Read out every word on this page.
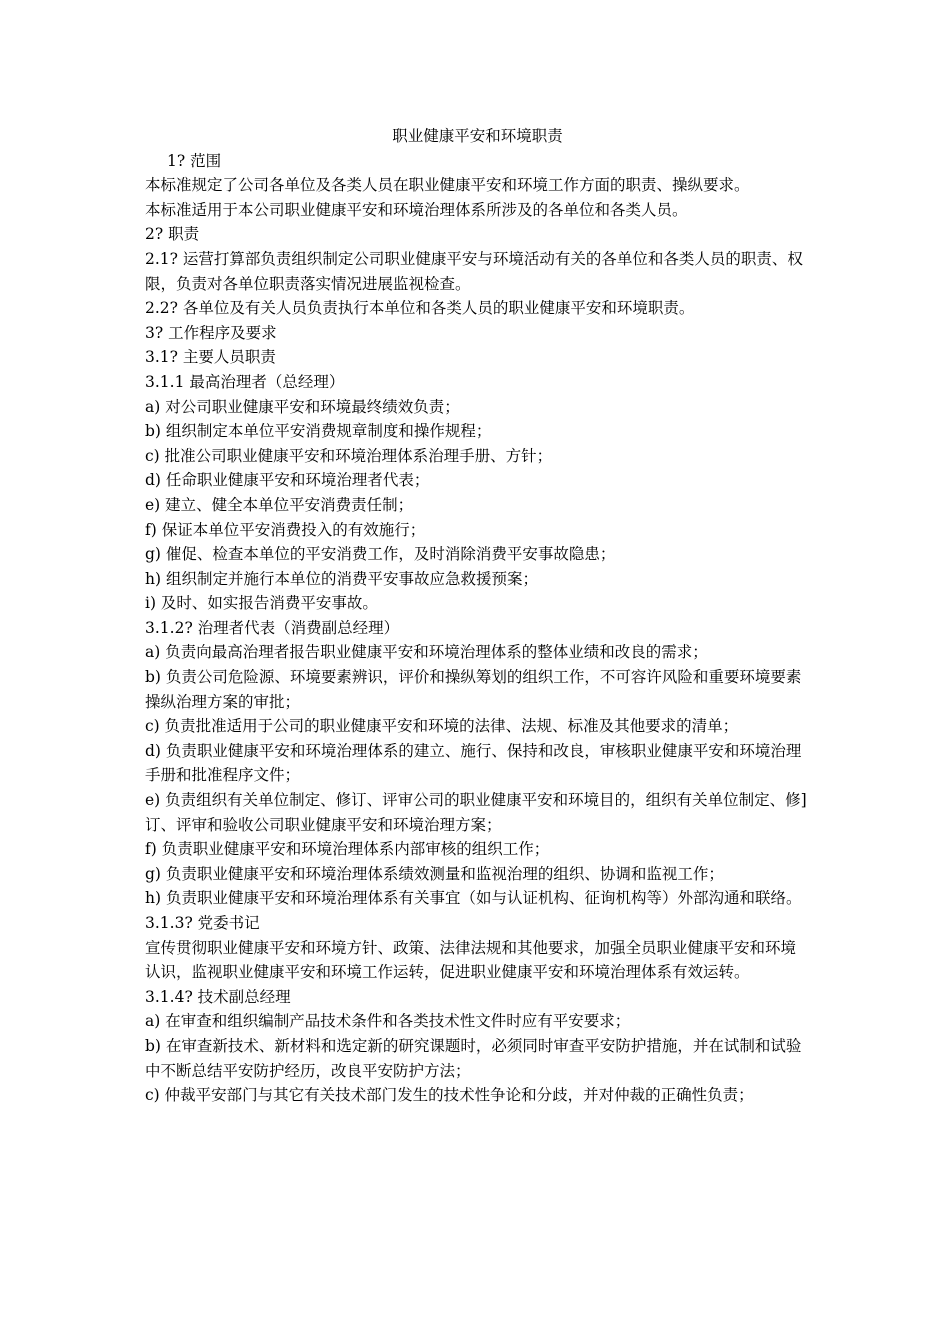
职业健康平安和环境职责
1? 范围
本标准规定了公司各单位及各类人员在职业健康平安和环境工作方面的职责、操纵要求。
本标准适用于本公司职业健康平安和环境治理体系所涉及的各单位和各类人员。
2? 职责
2.1? 运营打算部负责组织制定公司职业健康平安与环境活动有关的各单位和各类人员的职责、权限，负责对各单位职责落实情况进展监视检查。
2.2? 各单位及有关人员负责执行本单位和各类人员的职业健康平安和环境职责。
3? 工作程序及要求
3.1? 主要人员职责
3.1.1 最高治理者（总经理）
a) 对公司职业健康平安和环境最终绩效负责；
b) 组织制定本单位平安消费规章制度和操作规程；
c) 批准公司职业健康平安和环境治理体系治理手册、方针；
d) 任命职业健康平安和环境治理者代表；
e) 建立、健全本单位平安消费责任制；
f) 保证本单位平安消费投入的有效施行；
g) 催促、检查本单位的平安消费工作，及时消除消费平安事故隐患；
h) 组织制定并施行本单位的消费平安事故应急救援预案；
i) 及时、如实报告消费平安事故。
3.1.2? 治理者代表（消费副总经理）
a) 负责向最高治理者报告职业健康平安和环境治理体系的整体业绩和改良的需求；
b) 负责公司危险源、环境要素辨识，评价和操纵筹划的组织工作，不可容许风险和重要环境要素操纵治理方案的审批；
c) 负责批准适用于公司的职业健康平安和环境的法律、法规、标准及其他要求的清单；
d) 负责职业健康平安和环境治理体系的建立、施行、保持和改良，审核职业健康平安和环境治理
手册和批准程序文件；
e) 负责组织有关单位制定、修订、评审公司的职业健康平安和环境目的，组织有关单位制定、修]订、评审和验收公司职业健康平安和环境治理方案；
f) 负责职业健康平安和环境治理体系内部审核的组织工作；
g) 负责职业健康平安和环境治理体系绩效测量和监视治理的组织、协调和监视工作；
h) 负责职业健康平安和环境治理体系有关事宜（如与认证机构、征询机构等）外部沟通和联络。
3.1.3? 党委书记
宣传贯彻职业健康平安和环境方针、政策、法律法规和其他要求，加强全员职业健康平安和环境认识，监视职业健康平安和环境工作运转，促进职业健康平安和环境治理体系有效运转。
3.1.4? 技术副总经理
a) 在审查和组织编制产品技术条件和各类技术性文件时应有平安要求；
b) 在审查新技术、新材料和选定新的研究课题时，必须同时审查平安防护措施，并在试制和试验
中不断总结平安防护经历，改良平安防护方法；
c) 仲裁平安部门与其它有关技术部门发生的技术性争论和分歧，并对仲裁的正确性负责；
